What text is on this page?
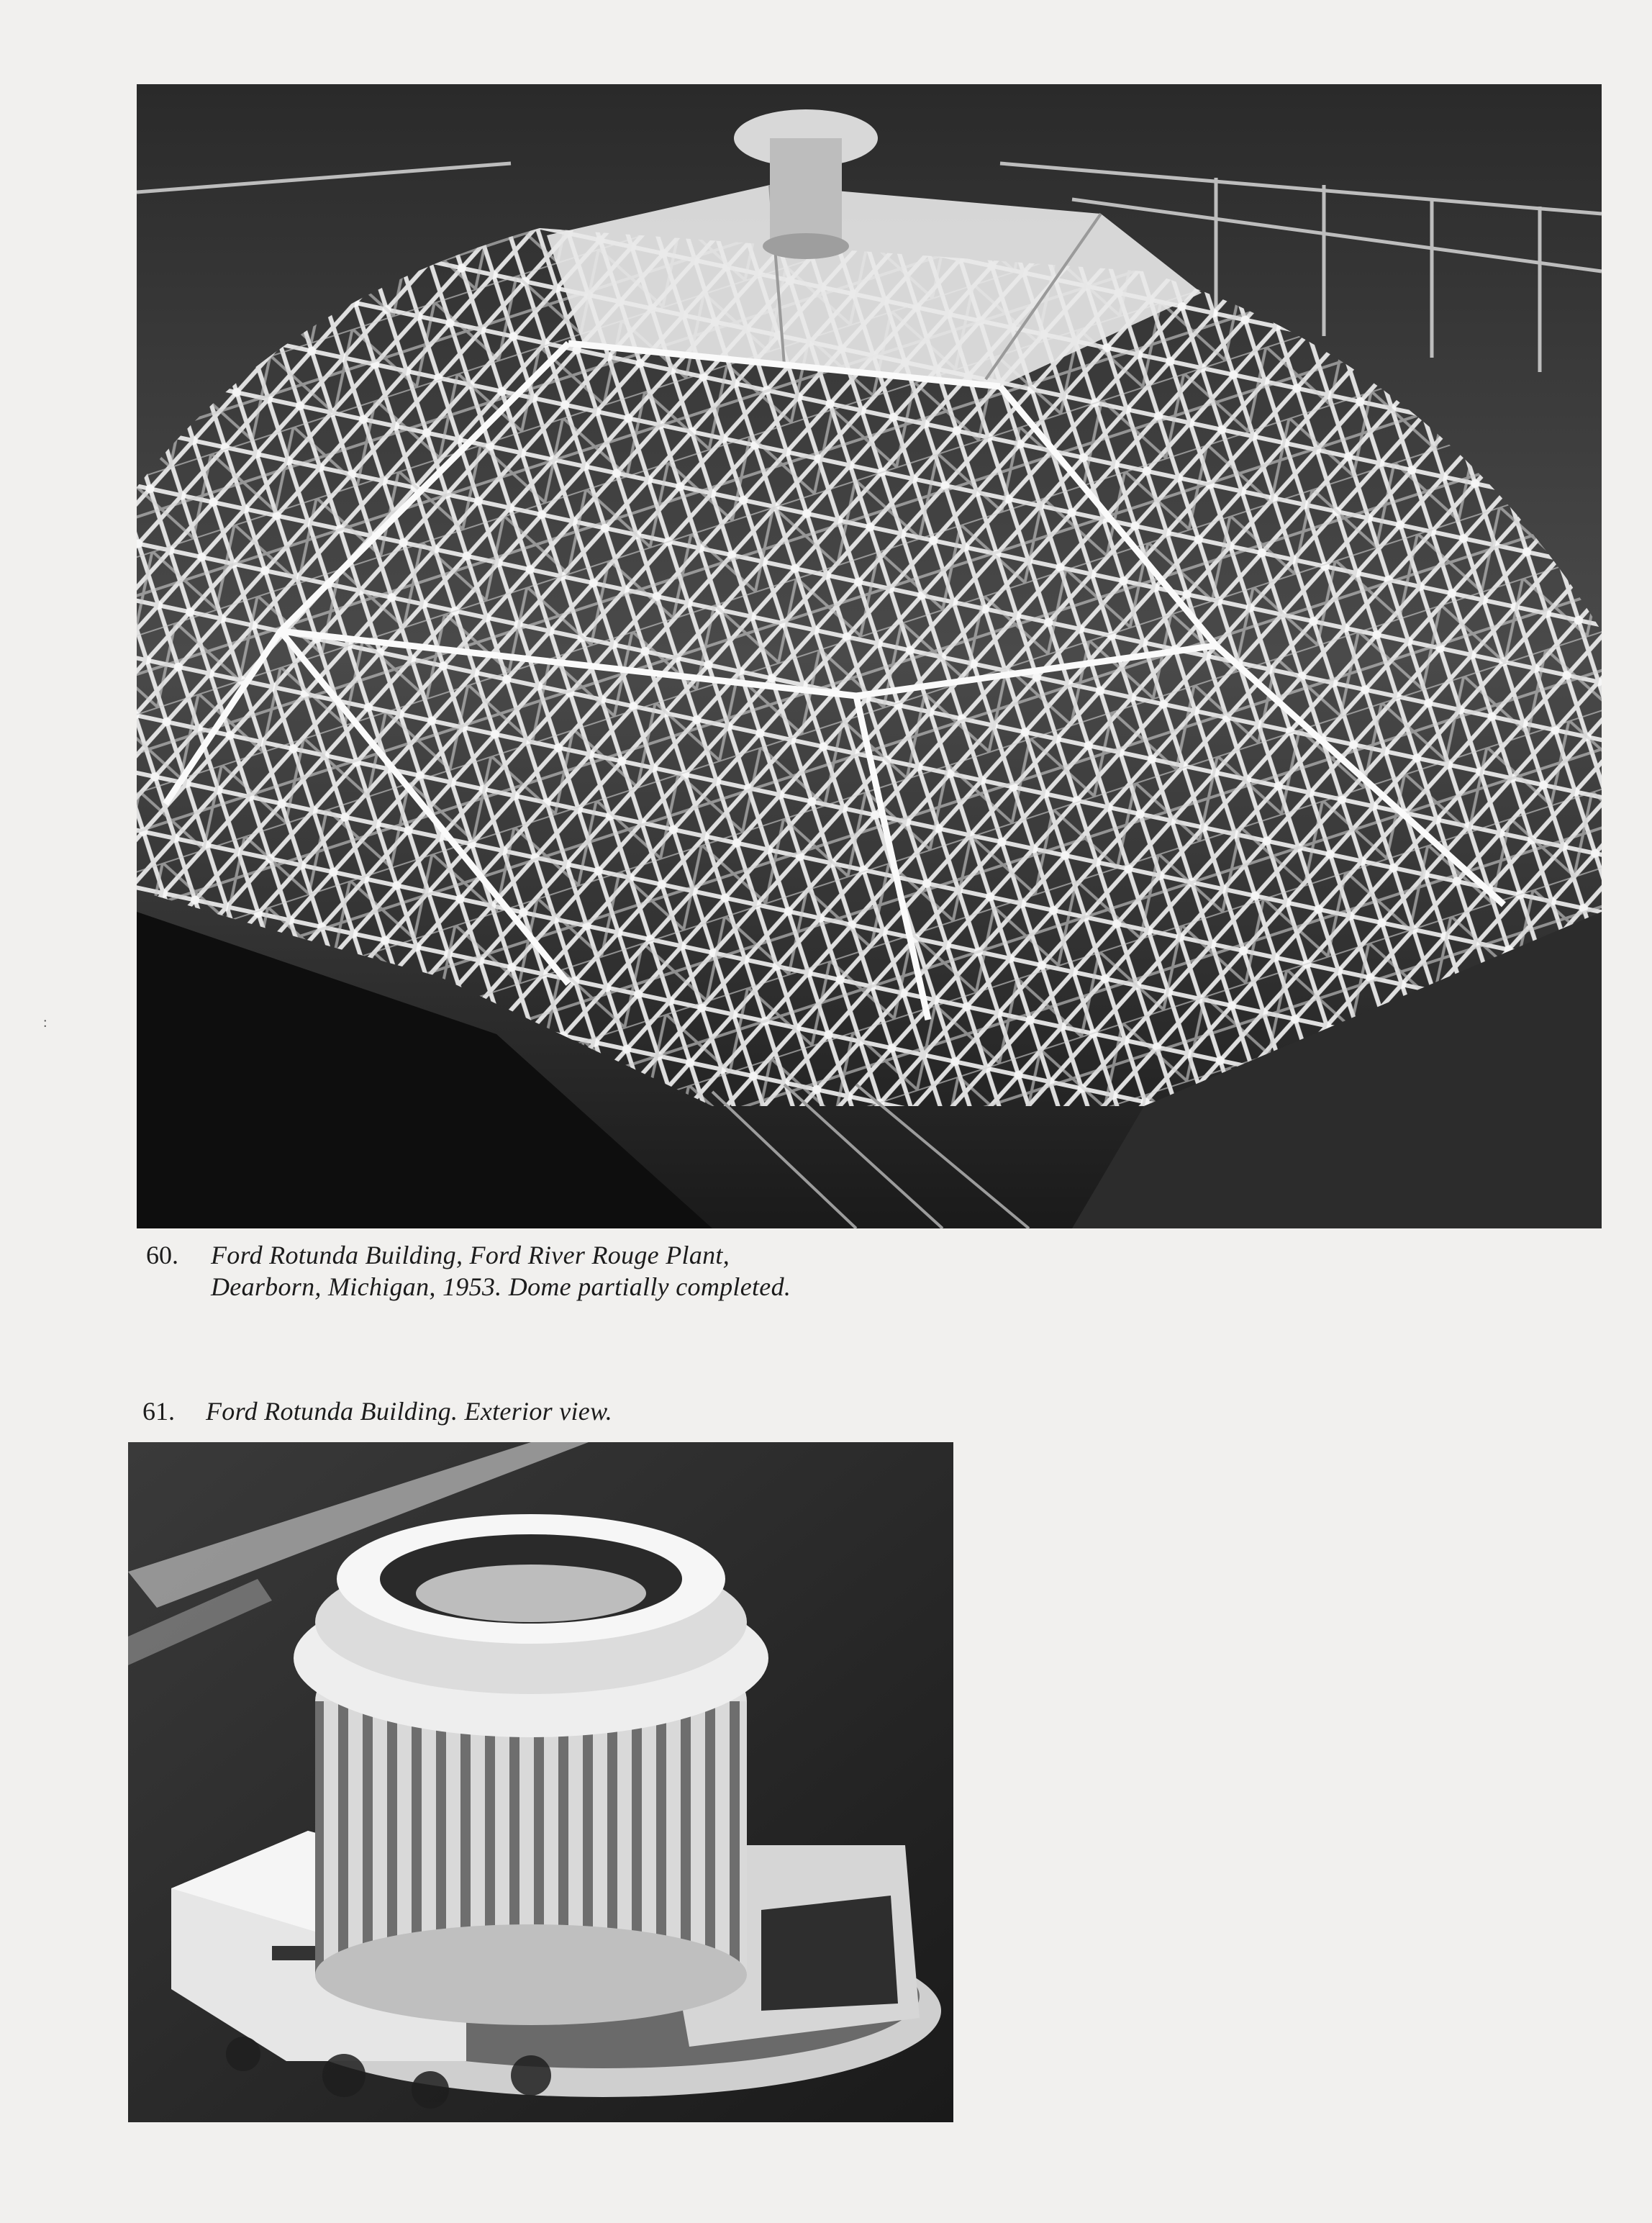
:
60. Ford Rotunda Building, Ford River Rouge Plant,
Dearborn, Michigan, 1953. Dome partially completed.
61. Ford Rotunda Building. Exterior view.
